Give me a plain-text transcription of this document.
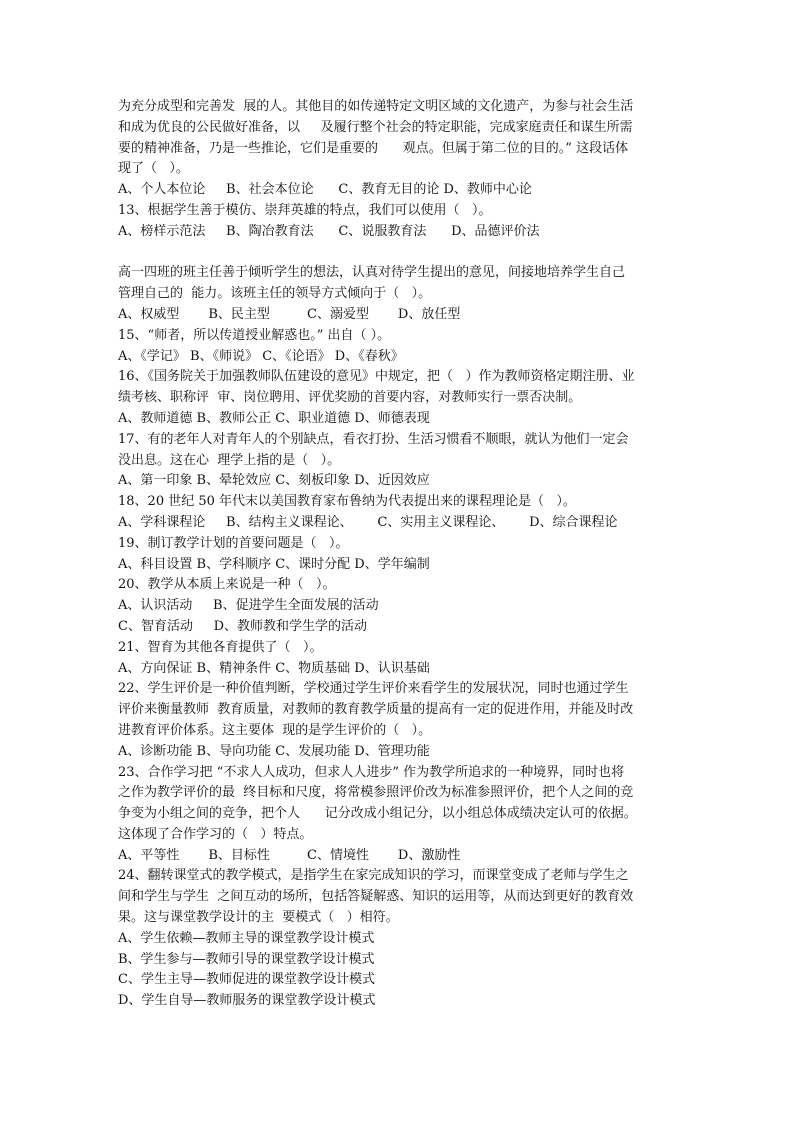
为充分成型和完善发  展的人。其他目的如传递特定文明区域的文化遗产，为参与社会生活
和成为优良的公民做好准备，以     及履行整个社会的特定职能，完成家庭责任和谋生所需
要的精神准备，乃是一些推论，它们是重要的      观点。但属于第二位的目的。” 这段话体
现了（   ）。
A、个人本位论     B、社会本位论      C、教育无目的论 D、教师中心论
13、根据学生善于模仿、崇拜英雄的特点，我们可以使用（   ）。
A、榜样示范法     B、陶冶教育法      C、说服教育法      D、品德评价法
高一四班的班主任善于倾听学生的想法，认真对待学生提出的意见，间接地培养学生自己
管理自己的  能力。该班主任的领导方式倾向于（   ）。
A、权威型       B、民主型         C、溺爱型       D、放任型
15、“师者，所以传道授业解惑也。” 出自（ ）。
A、《学记》 B、《师说》 C、《论语》 D、《春秋》
16、《国务院关于加强教师队伍建设的意见》中规定，把（   ）作为教师资格定期注册、业
绩考核、职称评  审、岗位聘用、评优奖励的首要内容，对教师实行一票否决制。
A、教师道德 B、教师公正 C、职业道德 D、师德表现
17、有的老年人对青年人的个别缺点，看衣打扮、生活习惯看不顺眼，就认为他们一定会
没出息。这在心  理学上指的是（   ）。
A、第一印象 B、晕轮效应 C、刻板印象 D、近因效应
18、20 世纪 50 年代末以美国教育家布鲁纳为代表提出来的课程理论是（   ）。
A、学科课程论     B、结构主义课程论、      C、实用主义课程论、      D、综合课程论
19、制订教学计划的首要问题是（   ）。
A、科目设置 B、学科顺序 C、课时分配 D、学年编制
20、教学从本质上来说是一种（   ）。
A、认识活动     B、促进学生全面发展的活动
C、智育活动     D、教师教和学生学的活动
21、智育为其他各育提供了（   ）。
A、方向保证 B、精神条件 C、物质基础 D、认识基础
22、学生评价是一种价值判断，学校通过学生评价来看学生的发展状况，同时也通过学生
评价来衡量教师  教育质量，对教师的教育教学质量的提高有一定的促进作用，并能及时改
进教育评价体系。这主要体  现的是学生评价的（   ）。
A、诊断功能 B、导向功能 C、发展功能 D、管理功能
23、合作学习把 “不求人人成功，但求人人进步” 作为教学所追求的一种境界，同时也将
之作为教学评价的最  终目标和尺度，将常模参照评价改为标准参照评价，把个人之间的竞
争变为小组之间的竞争，把个人      记分改成小组记分，以小组总体成绩决定认可的依据。
这体现了合作学习的（   ）特点。
A、平等性       B、目标性         C、情境性       D、激励性
24、翻转课堂式的教学模式，是指学生在家完成知识的学习，而课堂变成了老师与学生之
间和学生与学生  之间互动的场所，包括答疑解惑、知识的运用等，从而达到更好的教育效
果。这与课堂教学设计的主  要模式（   ）相符。
A、学生依赖—教师主导的课堂教学设计模式
B、学生参与—教师引导的课堂教学设计模式
C、学生主导—教师促进的课堂教学设计模式
D、学生自导—教师服务的课堂教学设计模式
